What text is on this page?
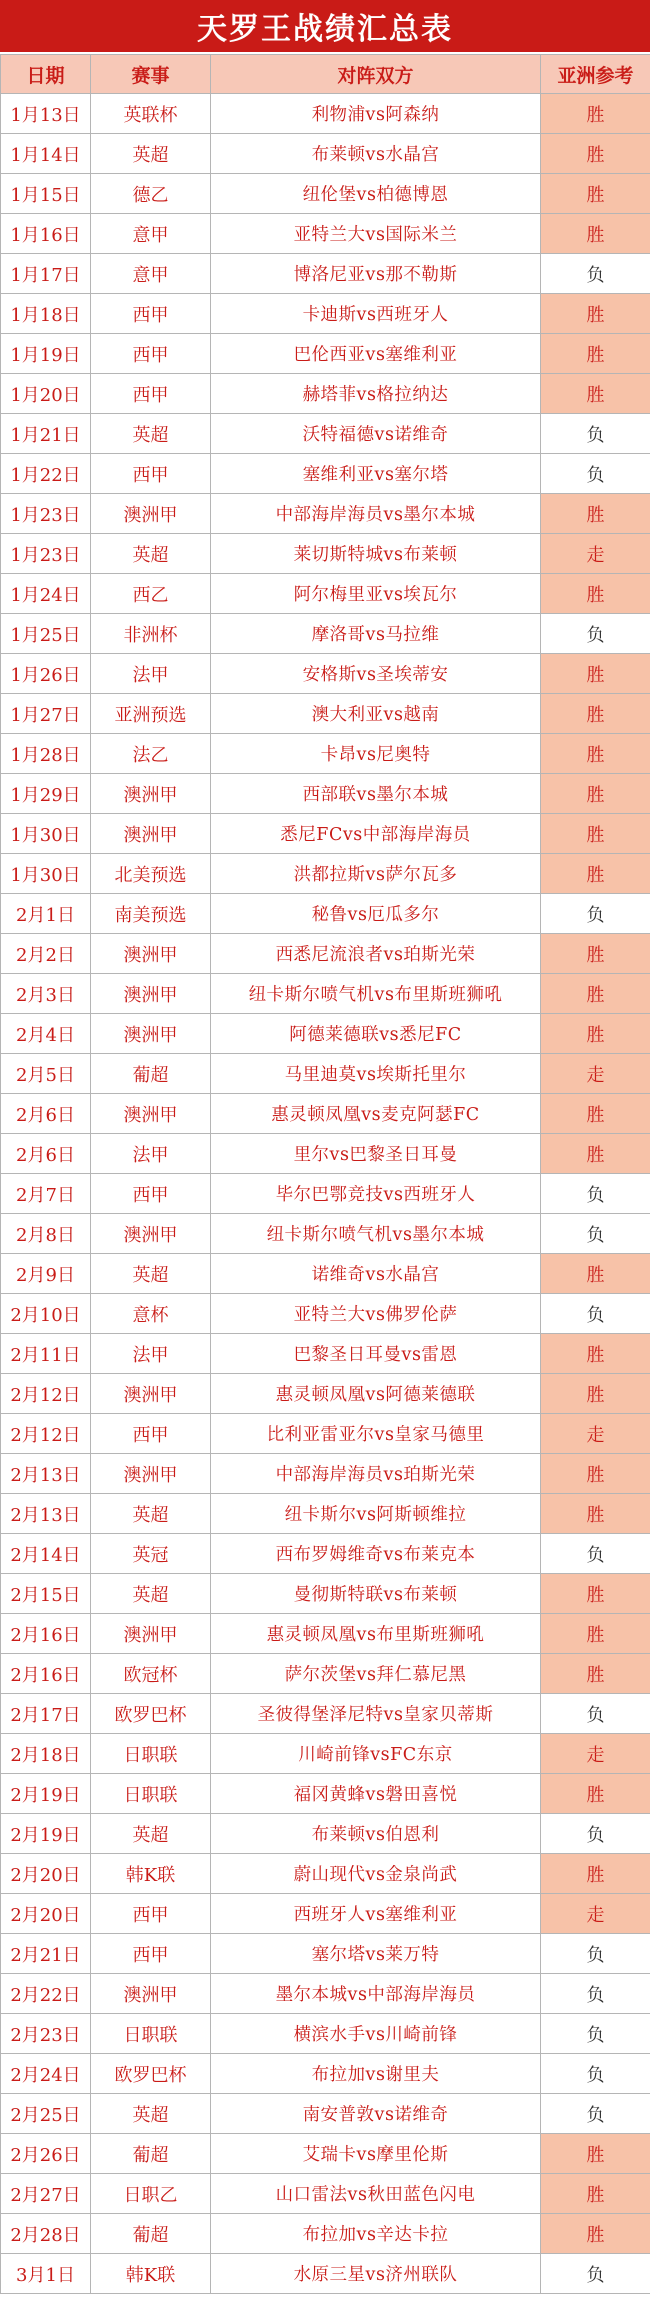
天罗王战绩汇总表
日期	赛事	对阵双方	亚洲参考
1月13日	英联杯	利物浦vs阿森纳	胜
1月14日	英超	布莱顿vs水晶宫	胜
1月15日	德乙	纽伦堡vs柏德博恩	胜
1月16日	意甲	亚特兰大vs国际米兰	胜
1月17日	意甲	博洛尼亚vs那不勒斯	负
1月18日	西甲	卡迪斯vs西班牙人	胜
1月19日	西甲	巴伦西亚vs塞维利亚	胜
1月20日	西甲	赫塔菲vs格拉纳达	胜
1月21日	英超	沃特福德vs诺维奇	负
1月22日	西甲	塞维利亚vs塞尔塔	负
1月23日	澳洲甲	中部海岸海员vs墨尔本城	胜
1月23日	英超	莱切斯特城vs布莱顿	走
1月24日	西乙	阿尔梅里亚vs埃瓦尔	胜
1月25日	非洲杯	摩洛哥vs马拉维	负
1月26日	法甲	安格斯vs圣埃蒂安	胜
1月27日	亚洲预选	澳大利亚vs越南	胜
1月28日	法乙	卡昂vs尼奥特	胜
1月29日	澳洲甲	西部联vs墨尔本城	胜
1月30日	澳洲甲	悉尼FCvs中部海岸海员	胜
1月30日	北美预选	洪都拉斯vs萨尔瓦多	胜
2月1日	南美预选	秘鲁vs厄瓜多尔	负
2月2日	澳洲甲	西悉尼流浪者vs珀斯光荣	胜
2月3日	澳洲甲	纽卡斯尔喷气机vs布里斯班狮吼	胜
2月4日	澳洲甲	阿德莱德联vs悉尼FC	胜
2月5日	葡超	马里迪莫vs埃斯托里尔	走
2月6日	澳洲甲	惠灵顿凤凰vs麦克阿瑟FC	胜
2月6日	法甲	里尔vs巴黎圣日耳曼	胜
2月7日	西甲	毕尔巴鄂竞技vs西班牙人	负
2月8日	澳洲甲	纽卡斯尔喷气机vs墨尔本城	负
2月9日	英超	诺维奇vs水晶宫	胜
2月10日	意杯	亚特兰大vs佛罗伦萨	负
2月11日	法甲	巴黎圣日耳曼vs雷恩	胜
2月12日	澳洲甲	惠灵顿凤凰vs阿德莱德联	胜
2月12日	西甲	比利亚雷亚尔vs皇家马德里	走
2月13日	澳洲甲	中部海岸海员vs珀斯光荣	胜
2月13日	英超	纽卡斯尔vs阿斯顿维拉	胜
2月14日	英冠	西布罗姆维奇vs布莱克本	负
2月15日	英超	曼彻斯特联vs布莱顿	胜
2月16日	澳洲甲	惠灵顿凤凰vs布里斯班狮吼	胜
2月16日	欧冠杯	萨尔茨堡vs拜仁慕尼黑	胜
2月17日	欧罗巴杯	圣彼得堡泽尼特vs皇家贝蒂斯	负
2月18日	日职联	川崎前锋vsFC东京	走
2月19日	日职联	福冈黄蜂vs磐田喜悦	胜
2月19日	英超	布莱顿vs伯恩利	负
2月20日	韩K联	蔚山现代vs金泉尚武	胜
2月20日	西甲	西班牙人vs塞维利亚	走
2月21日	西甲	塞尔塔vs莱万特	负
2月22日	澳洲甲	墨尔本城vs中部海岸海员	负
2月23日	日职联	横滨水手vs川崎前锋	负
2月24日	欧罗巴杯	布拉加vs谢里夫	负
2月25日	英超	南安普敦vs诺维奇	负
2月26日	葡超	艾瑞卡vs摩里伦斯	胜
2月27日	日职乙	山口雷法vs秋田蓝色闪电	胜
2月28日	葡超	布拉加vs辛达卡拉	胜
3月1日	韩K联	水原三星vs济州联队	负
